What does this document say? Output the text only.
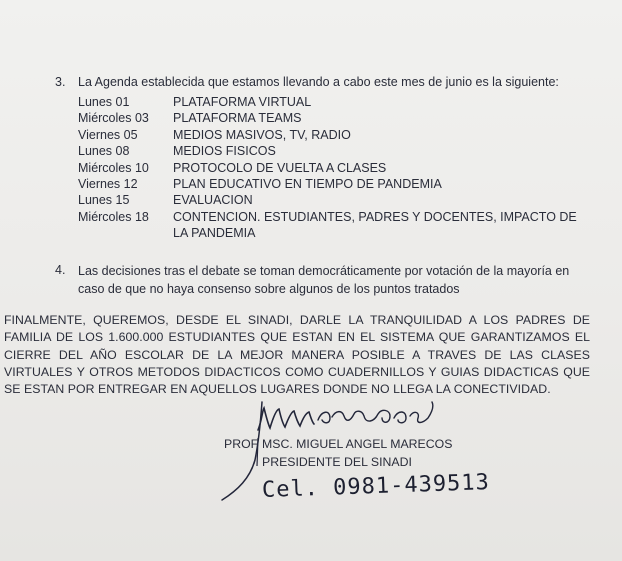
3. La Agenda establecida que estamos llevando a cabo este mes de junio es la siguiente:
Lunes 01	PLATAFORMA VIRTUAL
Miércoles 03	PLATAFORMA TEAMS
Viernes 05	MEDIOS MASIVOS, TV, RADIO
Lunes 08	MEDIOS FISICOS
Miércoles 10	PROTOCOLO DE VUELTA A CLASES
Viernes 12	PLAN EDUCATIVO EN TIEMPO DE PANDEMIA
Lunes 15	EVALUACION
Miércoles 18	CONTENCION. ESTUDIANTES, PADRES Y DOCENTES, IMPACTO DE LA PANDEMIA
4. Las decisiones tras el debate se toman democráticamente por votación de la mayoría en caso de que no haya consenso sobre algunos de los puntos tratados
FINALMENTE, QUEREMOS, DESDE EL SINADI, DARLE LA TRANQUILIDAD A LOS PADRES DE FAMILIA DE LOS 1.600.000 ESTUDIANTES QUE ESTAN EN EL SISTEMA QUE GARANTIZAMOS EL CIERRE DEL AÑO ESCOLAR DE LA MEJOR MANERA POSIBLE A TRAVES DE LAS CLASES VIRTUALES Y OTROS METODOS DIDACTICOS COMO CUADERNILLOS Y GUIAS DIDACTICAS QUE SE ESTAN POR ENTREGAR EN AQUELLOS LUGARES DONDE NO LLEGA LA CONECTIVIDAD.
PROF MSC. MIGUEL ANGEL MARECOS
PRESIDENTE DEL SINADI
Cel. 0981-439513
